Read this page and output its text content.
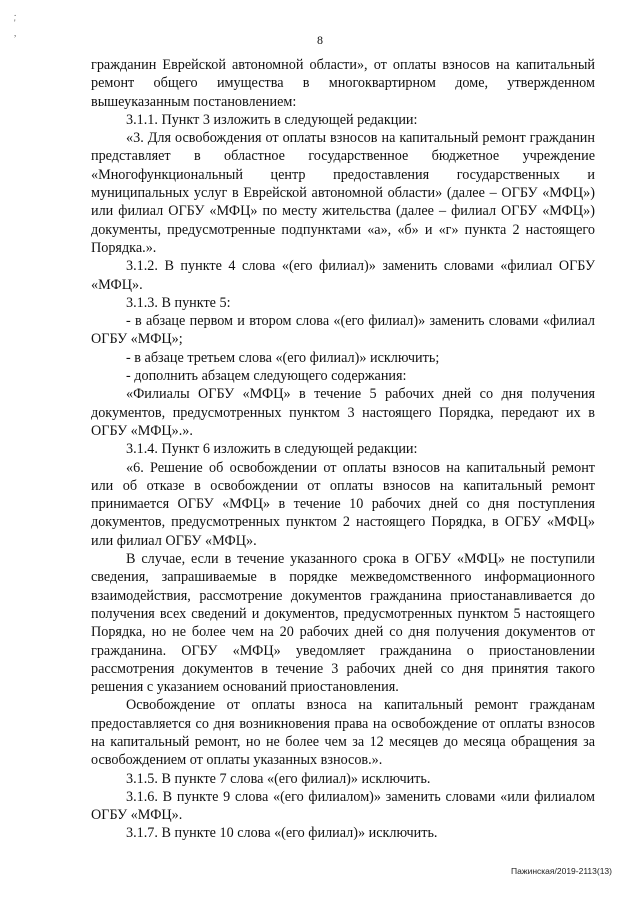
.
'
,	8

гражданин Еврейской автономной области», от оплаты взносов на капитальный ремонт общего имущества в многоквартирном доме, утвержденном вышеуказанным постановлением:

3.1.1. Пункт 3 изложить в следующей редакции:

«3. Для освобождения от оплаты взносов на капитальный ремонт гражданин представляет в областное государственное бюджетное учреждение «Многофункциональный центр предоставления государственных и муниципальных услуг в Еврейской автономной области» (далее – ОГБУ «МФЦ») или филиал ОГБУ «МФЦ» по месту жительства (далее – филиал ОГБУ «МФЦ») документы, предусмотренные подпунктами «а», «б» и «г» пункта 2 настоящего Порядка.».

3.1.2. В пункте 4 слова «(его филиал)» заменить словами «филиал ОГБУ «МФЦ».

3.1.3. В пункте 5:

- в абзаце первом и втором слова «(его филиал)» заменить словами «филиал ОГБУ «МФЦ»;

- в абзаце третьем слова «(его филиал)» исключить;

- дополнить абзацем следующего содержания:

«Филиалы ОГБУ «МФЦ» в течение 5 рабочих дней со дня получения документов, предусмотренных пунктом 3 настоящего Порядка, передают их в ОГБУ «МФЦ».».

3.1.4. Пункт 6 изложить в следующей редакции:

«6. Решение об освобождении от оплаты взносов на капитальный ремонт или об отказе в освобождении от оплаты взносов на капитальный ремонт принимается ОГБУ «МФЦ» в течение 10 рабочих дней со дня поступления документов, предусмотренных пунктом 2 настоящего Порядка, в ОГБУ «МФЦ» или филиал ОГБУ «МФЦ».

В случае, если в течение указанного срока в ОГБУ «МФЦ» не поступили сведения, запрашиваемые в порядке межведомственного информационного взаимодействия, рассмотрение документов гражданина приостанавливается до получения всех сведений и документов, предусмотренных пунктом 5 настоящего Порядка, но не более чем на 20 рабочих дней со дня получения документов от гражданина. ОГБУ «МФЦ» уведомляет гражданина о приостановлении рассмотрения документов в течение 3 рабочих дней со дня принятия такого решения с указанием оснований приостановления.

Освобождение от оплаты взноса на капитальный ремонт гражданам предоставляется со дня возникновения права на освобождение от оплаты взносов на капитальный ремонт, но не более чем за 12 месяцев до месяца обращения за освобождением от оплаты указанных взносов.».

3.1.5. В пункте 7 слова «(его филиал)» исключить.

3.1.6. В пункте 9 слова «(его филиалом)» заменить словами «или филиалом ОГБУ «МФЦ».

3.1.7. В пункте 10 слова «(его филиал)» исключить.

Пажинская/2019-2113(13)
